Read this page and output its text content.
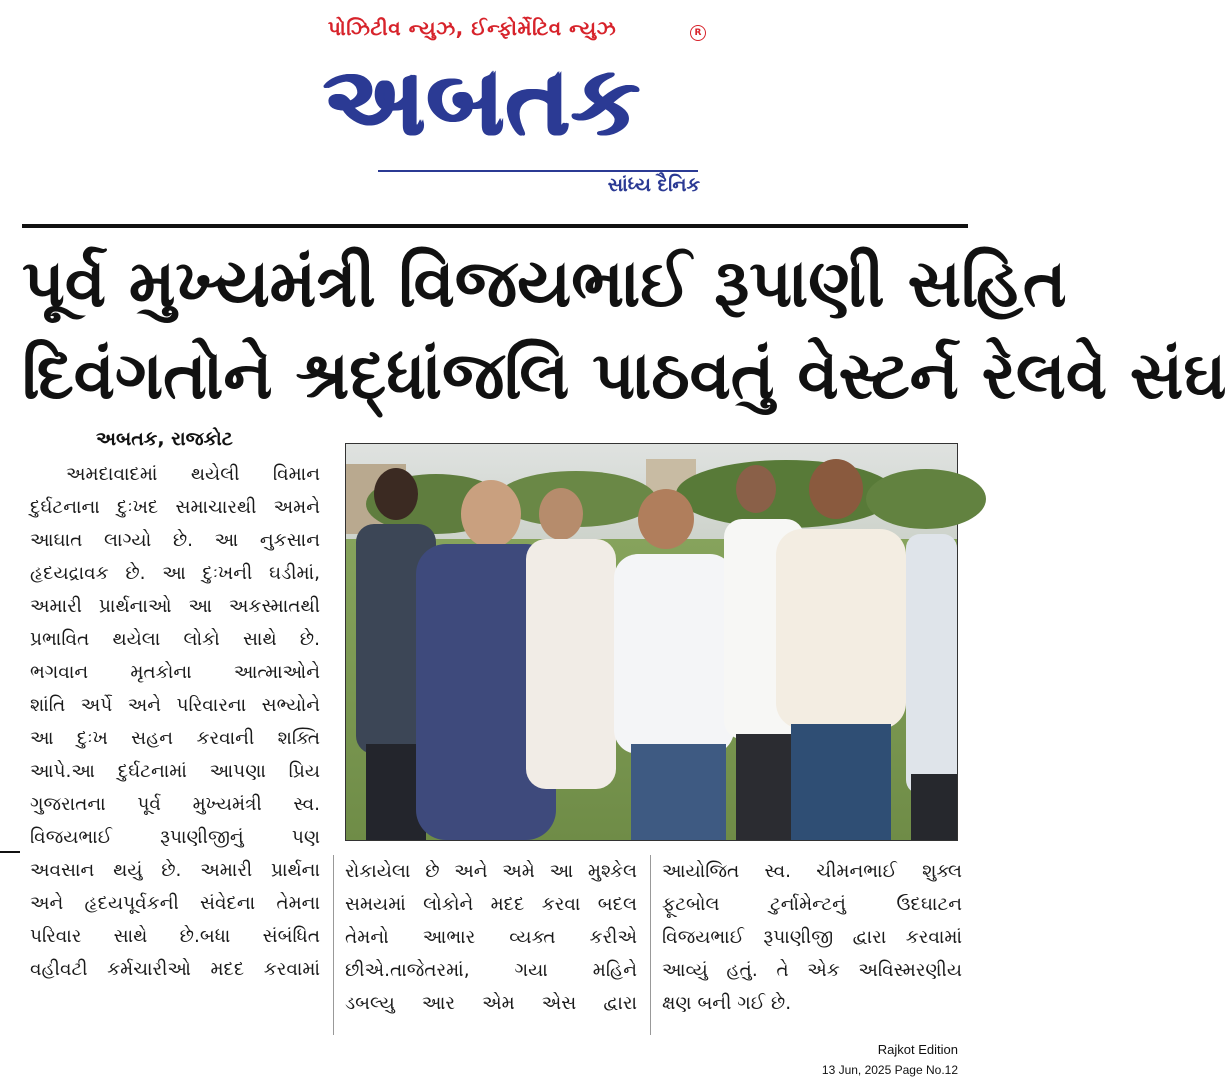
પોઝિટીવ ન્યુઝ, ઈન્ફોર્મેટિવ ન્યુઝ	R
અબતક
સાંધ્ય દૈનિક
પૂર્વ મુખ્યમંત્રી વિજયભાઈ રૂપાણી સહિત
દિવંગતોને શ્રદ્ધાંજલિ પાઠવતું વેસ્ટર્ન રેલવે સંઘ
અબતક, રાજકોટ
અમદાવાદમાં થયેલી વિમાન
દુર્ઘટનાના દુઃખદ સમાચારથી અમને
આઘાત લાગ્યો છે. આ નુકસાન
હૃદયદ્રાવક છે. આ દુઃખની ઘડીમાં,
અમારી પ્રાર્થનાઓ આ અકસ્માતથી
પ્રભાવિત થયેલા લોકો સાથે છે.
ભગવાન મૃતકોના આત્માઓને
શાંતિ અર્પે અને પરિવારના સભ્યોને
આ દુઃખ સહન કરવાની શક્તિ
આપે.આ દુર્ઘટનામાં આપણા પ્રિય
ગુજરાતના પૂર્વ મુખ્યમંત્રી સ્વ.
વિજયભાઈ રૂપાણીજીનું પણ
અવસાન થયું છે. અમારી પ્રાર્થના
અને હૃદયપૂર્વકની સંવેદના તેમના
પરિવાર સાથે છે.બધા સંબંધિત
વહીવટી કર્મચારીઓ મદદ કરવામાં
રોકાયેલા છે અને અમે આ મુશ્કેલ
સમયમાં લોકોને મદદ કરવા બદલ
તેમનો આભાર વ્યક્ત કરીએ
છીએ.તાજેતરમાં, ગયા મહિને
ડબલ્યુ આર એમ એસ દ્વારા
આયોજિત સ્વ. ચીમનભાઈ શુક્લ
ફૂટબોલ ટુર્નામેન્ટનું ઉદઘાટન
વિજયભાઈ રૂપાણીજી દ્વારા કરવામાં
આવ્યું હતું. તે એક અવિસ્મરણીય
ક્ષણ બની ગઈ છે.
Rajkot Edition
13 Jun, 2025 Page No.12
